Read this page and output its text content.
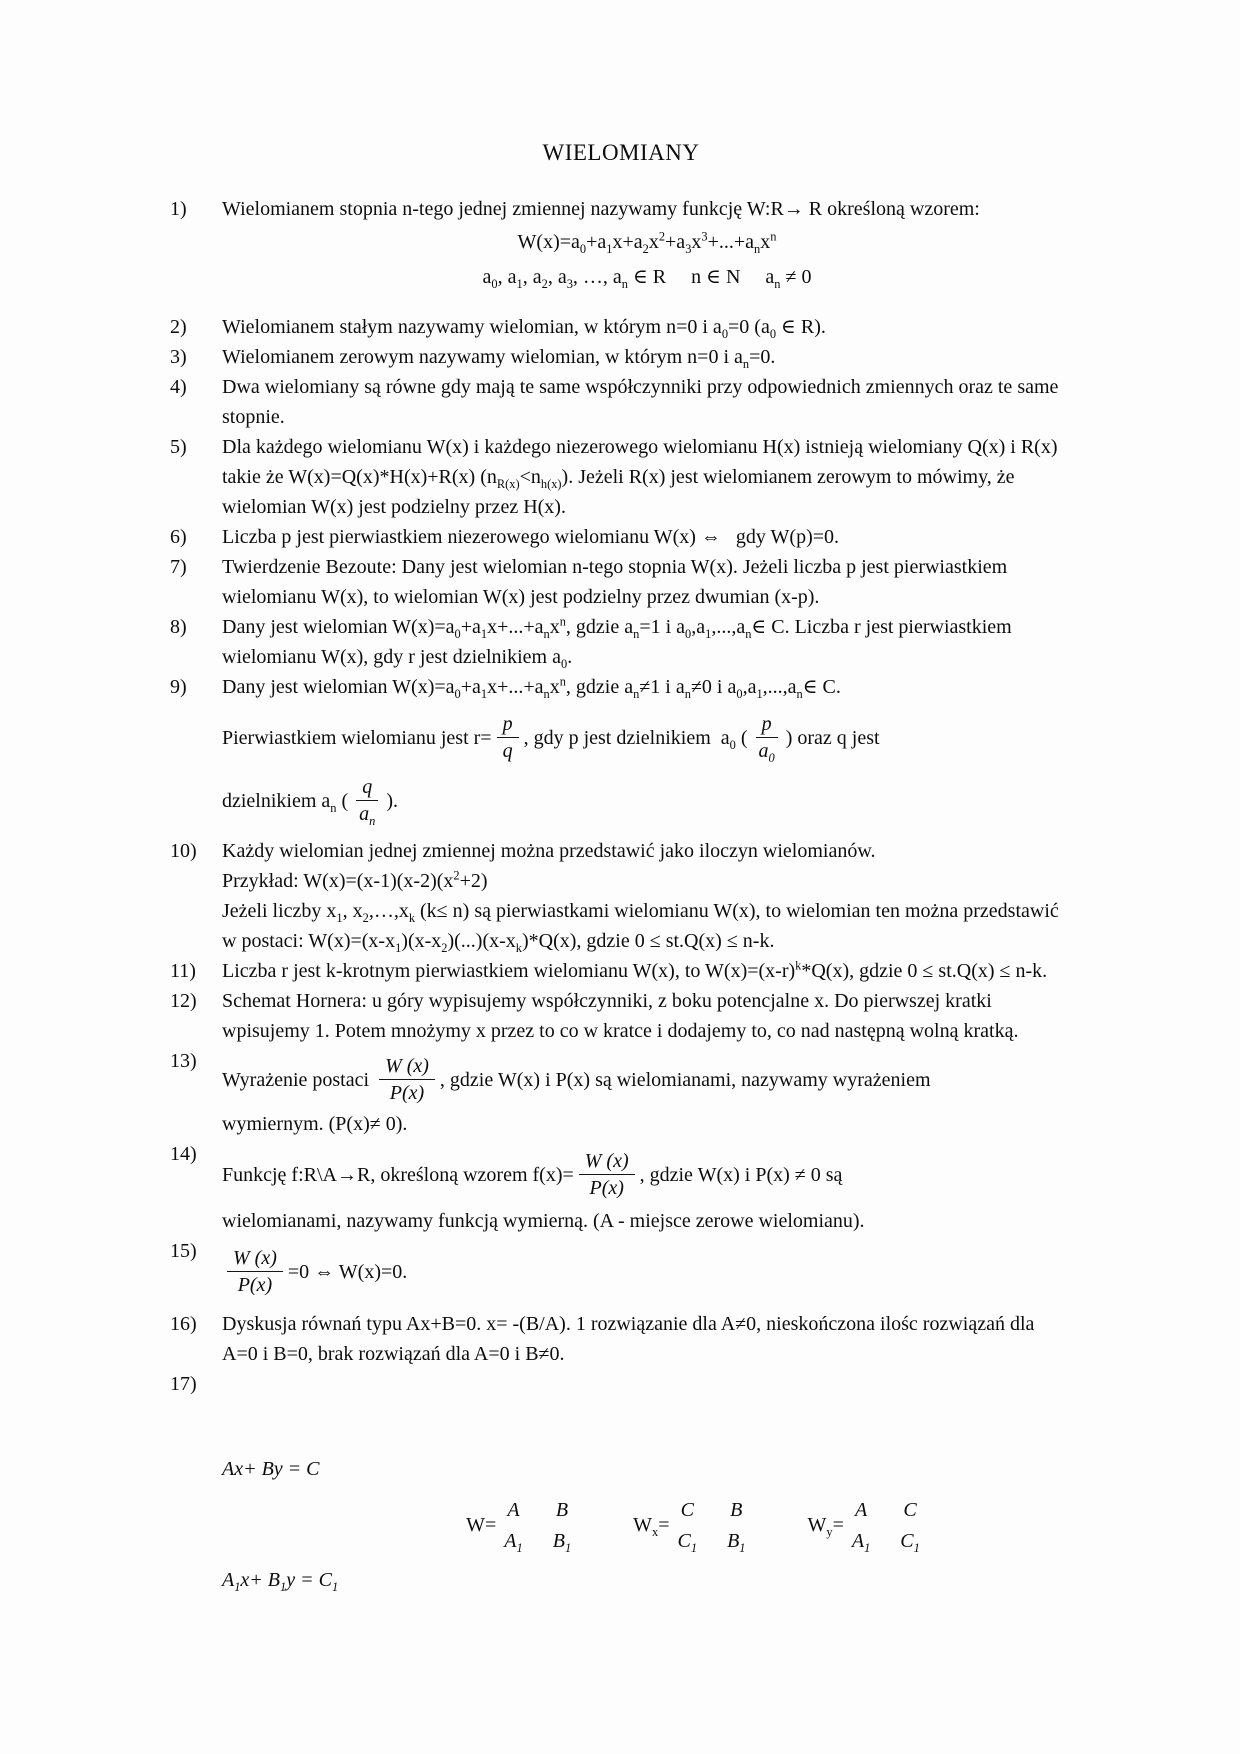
WIELOMIANY
1)	Wielomianem stopnia n-tego jednej zmiennej nazywamy funkcję W:R→ R określoną wzorem:
$W(x)=a_0+a_1x+a_2x^2+a_3x^3+...+a_nx^n$
$a_0$, $a_1$, $a_2$, $a_3$, …, $a_n$ ∈ R     n ∈ N     $a_n \ne 0$
2)	Wielomianem stałym nazywamy wielomian, w którym n=0 i $a_0=0$ ($a_0$ ∈ R).
3)	Wielomianem zerowym nazywamy wielomian, w którym n=0 i $a_n=0$.
4)	Dwa wielomiany są równe gdy mają te same współczynniki przy odpowiednich zmiennych oraz te same stopnie.
5)	Dla każdego wielomianu W(x) i każdego niezerowego wielomianu H(x) istnieją wielomiany Q(x) i R(x) takie że W(x)=Q(x)*H(x)+R(x) $(n_{R(x)}<n_{h(x)})$. Jeżeli R(x) jest wielomianem zerowym to mówimy, że wielomian W(x) jest podzielny przez H(x).
6)	Liczba p jest pierwiastkiem niezerowego wielomianu W(x) ⇔   gdy W(p)=0.
7)	Twierdzenie Bezoute: Dany jest wielomian n-tego stopnia W(x). Jeżeli liczba p jest pierwiastkiem wielomianu W(x), to wielomian W(x) jest podzielny przez dwumian (x-p).
8)	Dany jest wielomian $W(x)=a_0+a_1x+...+a_nx^n$, gdzie $a_n=1$ i $a_0,a_1,...,a_n\in$ C. Liczba r jest pierwiastkiem wielomianu W(x), gdy r jest dzielnikiem $a_0$.
9)	Dany jest wielomian $W(x)=a_0+a_1x+...+a_nx^n$, gdzie $a_n\ne 1$ i $a_n\ne 0$ i $a_0,a_1,...,a_n\in$ C.
Pierwiastkiem wielomianu jest $r= \frac{p}{q}$ , gdy p jest dzielnikiem  $a_0$ ( $\frac{p}{a_0}$ ) oraz q jest
dzielnikiem $a_n$ ( $\frac{q}{a_n}$ ).
10)	Każdy wielomian jednej zmiennej można przedstawić jako iloczyn wielomianów.
Przykład: $W(x)=(x-1)(x-2)(x^2+2)$
Jeżeli liczby $x_1$, $x_2,\dots,x_k$ (k≤ n) są pierwiastkami wielomianu W(x), to wielomian ten można przedstawić w postaci: $W(x)=(x-x_1)(x-x_2)(...)(x-x_k)*Q(x)$, gdzie 0 ≤ st.Q(x) ≤ n-k.
11)	Liczba r jest k-krotnym pierwiastkiem wielomianu W(x), to $W(x)=(x-r)^k*Q(x)$, gdzie 0 ≤ st.Q(x) ≤ n-k.
12)	Schemat Hornera: u góry wypisujemy współczynniki, z boku potencjalne x. Do pierwszej kratki wpisujemy 1. Potem mnożymy x przez to co w kratce i dodajemy to, co nad następną wolną kratką.
13)
Wyrażenie postaci $\frac{W (x)}{P(x)}$ , gdzie W(x) i P(x) są wielomianami, nazywamy wyrażeniem
wymiernym. (P(x)≠ 0).
14)
Funkcję f:R\A→R, określoną wzorem $f(x)= \frac{W (x)}{P(x)}$ , gdzie W(x) i P(x) ≠ 0 są
wielomianami, nazywamy funkcją wymierną. (A - miejsce zerowe wielomianu).
15)	$\frac{W (x)}{P(x)} =0$ ⇔ W(x)=0.
16)	Dyskusja równań typu Ax+B=0. x= -(B/A). 1 rozwiązanie dla A≠0, nieskończona ilośc rozwiązań dla A=0 i B=0, brak rozwiązań dla A=0 i B≠0.
17)

Ax+ By = C

$A_1x+ B_1y = C_1$

W=
A B
$A_1$ $B_1$
$W_x=$
C B
$C_1$ $B_1$
$W_y=$
A C
$A_1$ $C_1$
